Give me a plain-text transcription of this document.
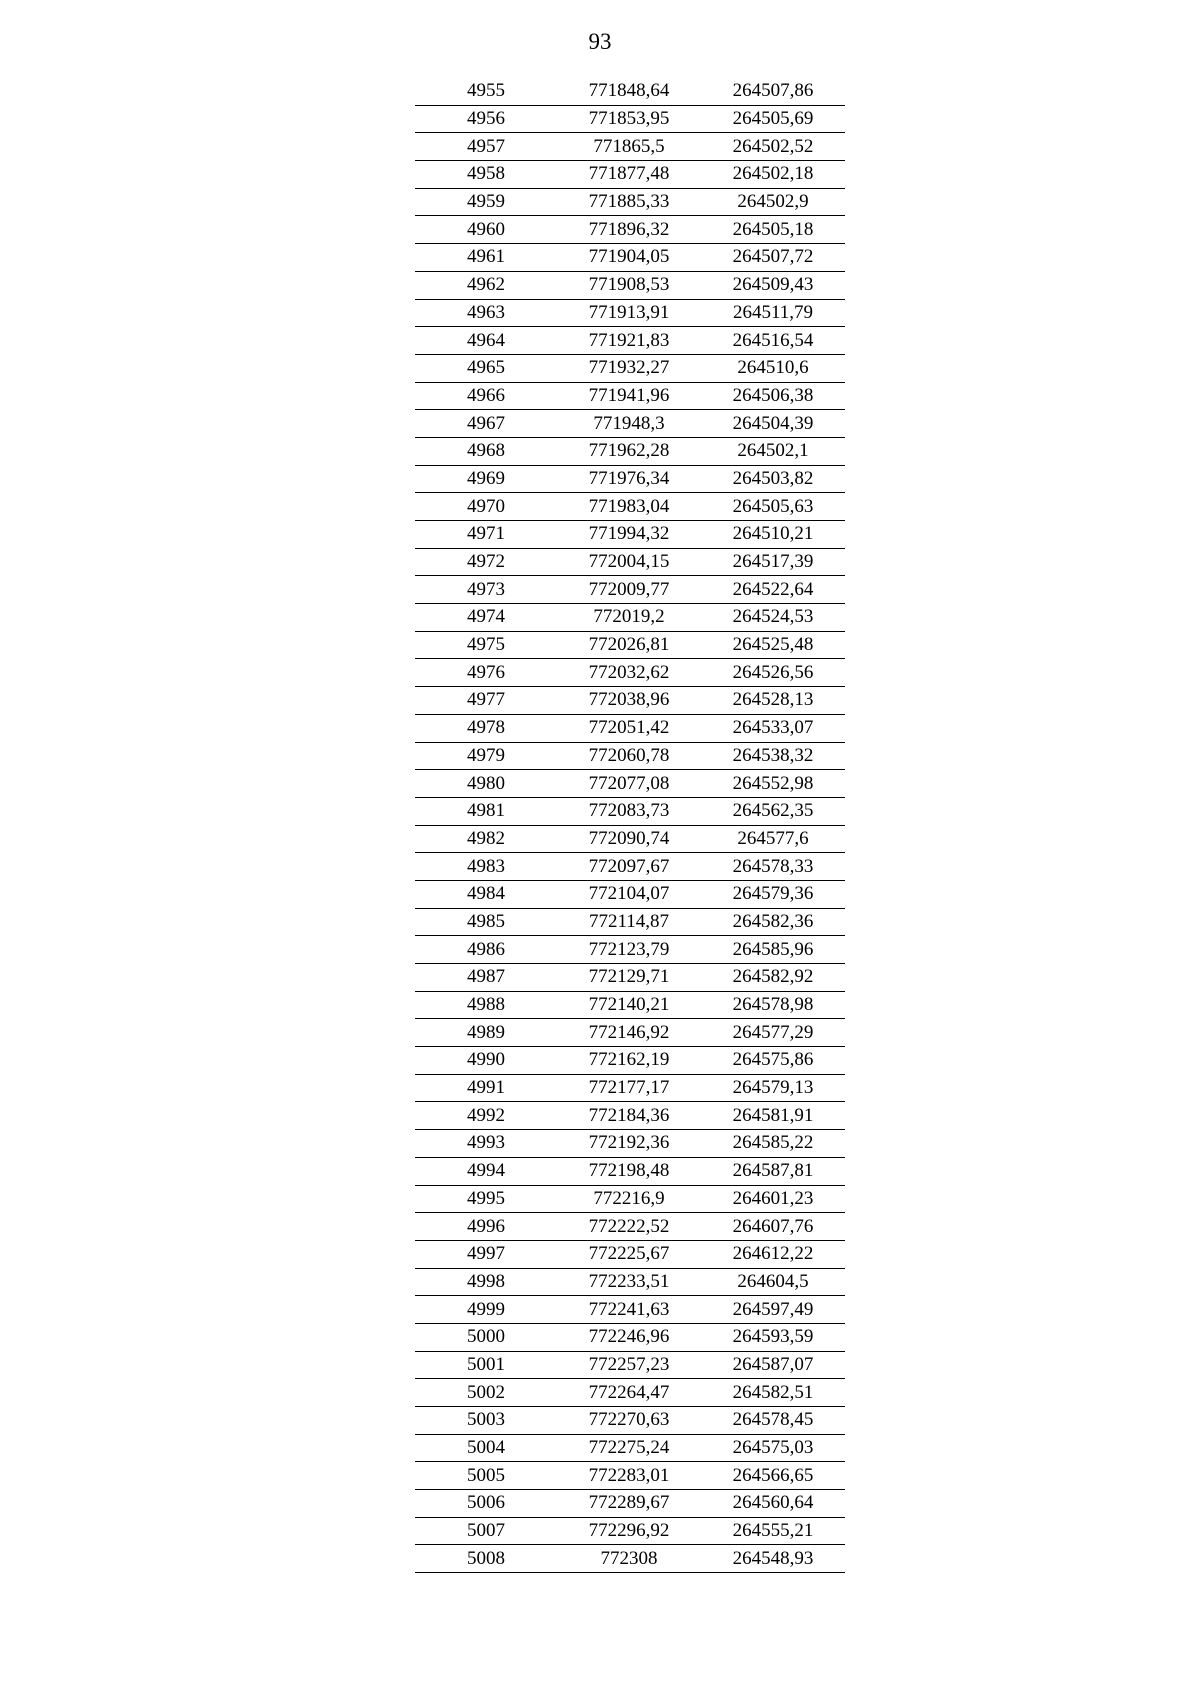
93
4955	771848,64	264507,86
4956	771853,95	264505,69
4957	771865,5	264502,52
4958	771877,48	264502,18
4959	771885,33	264502,9
4960	771896,32	264505,18
4961	771904,05	264507,72
4962	771908,53	264509,43
4963	771913,91	264511,79
4964	771921,83	264516,54
4965	771932,27	264510,6
4966	771941,96	264506,38
4967	771948,3	264504,39
4968	771962,28	264502,1
4969	771976,34	264503,82
4970	771983,04	264505,63
4971	771994,32	264510,21
4972	772004,15	264517,39
4973	772009,77	264522,64
4974	772019,2	264524,53
4975	772026,81	264525,48
4976	772032,62	264526,56
4977	772038,96	264528,13
4978	772051,42	264533,07
4979	772060,78	264538,32
4980	772077,08	264552,98
4981	772083,73	264562,35
4982	772090,74	264577,6
4983	772097,67	264578,33
4984	772104,07	264579,36
4985	772114,87	264582,36
4986	772123,79	264585,96
4987	772129,71	264582,92
4988	772140,21	264578,98
4989	772146,92	264577,29
4990	772162,19	264575,86
4991	772177,17	264579,13
4992	772184,36	264581,91
4993	772192,36	264585,22
4994	772198,48	264587,81
4995	772216,9	264601,23
4996	772222,52	264607,76
4997	772225,67	264612,22
4998	772233,51	264604,5
4999	772241,63	264597,49
5000	772246,96	264593,59
5001	772257,23	264587,07
5002	772264,47	264582,51
5003	772270,63	264578,45
5004	772275,24	264575,03
5005	772283,01	264566,65
5006	772289,67	264560,64
5007	772296,92	264555,21
5008	772308	264548,93
